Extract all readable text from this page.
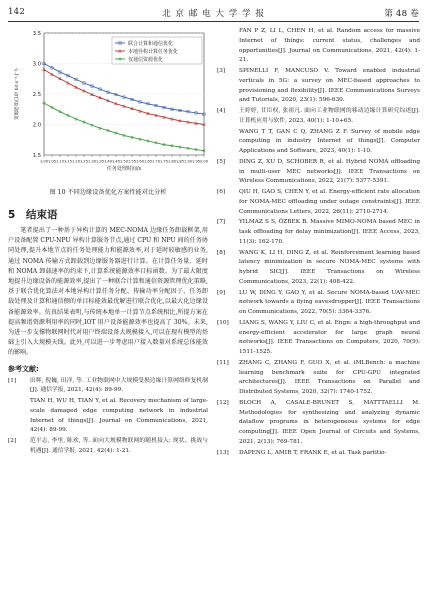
142	北 京 邮 电 大 学 学 报	第 48 卷
1.5
2.0
2.5
3.0
3.5
1.00 1.05 1.10 1.15 1.20 1.25 1.30 1.35 1.40 1.45 1.50 1.55 1.60 1.65 1.70 1.75 1.80 1.85 1.90 1.95 2.00
任务处理时间/s
资源能效/(10⁵ bit·s⁻¹·J⁻¹)
联合计算和通信优化
本地异构计算任务优化
仅通信资源优化
图 10 不同边缘设备优化方案性能对比分析
5 结束语

笔者提出了一种基于异构计算的 MEC-NOMA 边缘任务卸载框架,用户设备配置 CPU-NPU 异构计算服务节点,通过 CPU 和 NPU 间的任务协同处理,提升本地节点的任务处理能力和能源效率,对于延时较敏感的业务,通过 NOMA 传输方式卸载到边缘服务器进行计算。在计算任务量、延时和 NOMA 卸载速率的约束下,计算系统能源效率目标函数。为了最大限度地提升边缘设备的能源效率,提出了一种联合计算和通信资源管理优化策略,基于联合优化算法对本地异构计算任务分配、传输功率分配因子、任务卸载处理及计算和通信侧的单目标能效最优解进行联合优化,以最大化边缘设备能源效率。仿真结果表明,与传统本地单一计算节点系统相比,所提方案在提高频谱资源利用率的同时,IOT 用户设备能源效率也提高了 30%。未来,为进一步支撑物联网时代对用户终端设备大规模接入,可以在现有模型的基础上引入大规模天线。此外,可以进一步考虑用户接入数量对系统总体能效的影响。

参考文献:
[1] 田辉, 倪巍, 田洋, 等. 工业物联网中大规模受损边缘计算网络修复机制[J]. 通信学报, 2021, 42(4): 89-99.
TIAN H, WU H, TIAN Y, et al. Recovery mechanism of large-scale damaged edge computing network in industrial Internet of things[J]. Journal on Communications, 2021, 42(4): 89-99.
[2] 范平志, 李里, 陈欢, 等. 面向大规模物联网的随机接入: 现状、挑战与机遇[J]. 通信学报, 2021, 42(4): 1-21.
FAN P Z, LI L, CHEN H, et al. Random access for massive Internet of things: current status, challenges and opportunities[J]. Journal on Communications, 2021, 42(4): 1-21.
[3] SPINELLI F, MANCUSO V. Toward enabled industrial verticals in 5G: a survey on MEC-based approaches to provisioning and flexibility[J]. IEEE Communications Surveys and Tutorials, 2020, 23(1): 596-630.
[4] 王婷婷, 甘臣权, 张祖凡. 面向工业物联网的移动边缘计算研究综述[J]. 计算机应用与软件, 2023, 40(1): 1-10+65.
WANG T T, GAN C Q, ZHANG Z F. Survey of mobile edge computing in industry Internet of things[J]. Computer Applications and Software, 2023, 40(1): 1-10.
[5] DING Z, XU D, SCHOBER R, et al. Hybrid NOMA offloading in multi-user MEC networks[J]. IEEE Transactions on Wireless Communications, 2022, 21(7): 5377-5391.
[6] QIU H, GAO S, CHEN Y, et al. Energy-efficient rate allocation for NOMA-MEC offloading under outage constraints[J]. IEEE Communications Letters, 2022, 26(11): 2710-2714.
[7] YILMAZ S S, ÖZBEK B. Massive MIMO-NOMA based MEC in task offloading for delay minimization[J]. IEEE Access, 2023, 11(3): 162-170.
[8] WANG K, LI H, DING Z, et al. Reinforcement learning based latency minimization in secure NOMA-MEC systems with hybrid SIC[J]. IEEE Transactions on Wireless Communications, 2023, 22(1): 408-422.
[9] LU W, DING Y, GAO Y, et al. Secure NOMA-based UAV-MEC network towards a flying eavesdropper[J]. IEEE Transactions on Communications, 2022, 70(5): 3364-3376.
[10] LIANG S, WANG Y, LIU C, et al. Engn: a high-throughput and energy-efficient accelerator for large graph neural networks[J]. IEEE Transactions on Computers, 2020, 70(9): 1511-1525.
[11] ZHANG C, ZHANG F, GUO X, et al. iMLBench: a machine learning benchmark suite for CPU-GPU integrated architectures[J]. IEEE Transactions on Parallel and Distributed Systems, 2020, 32(7): 1740-1752.
[12] BLOCH A, CASALE-BRUNET S, MATTTAELLI M. Methodologies for synthesizing and analyzing dynamic dataflow programs in heterogeneous systems for edge computing[J]. IEEE Open Journal of Circuits and Systems, 2021, 2(13): 769-781.
[13] DAPENG L, AMIR T, FRANK E, et al. Task partitio-
